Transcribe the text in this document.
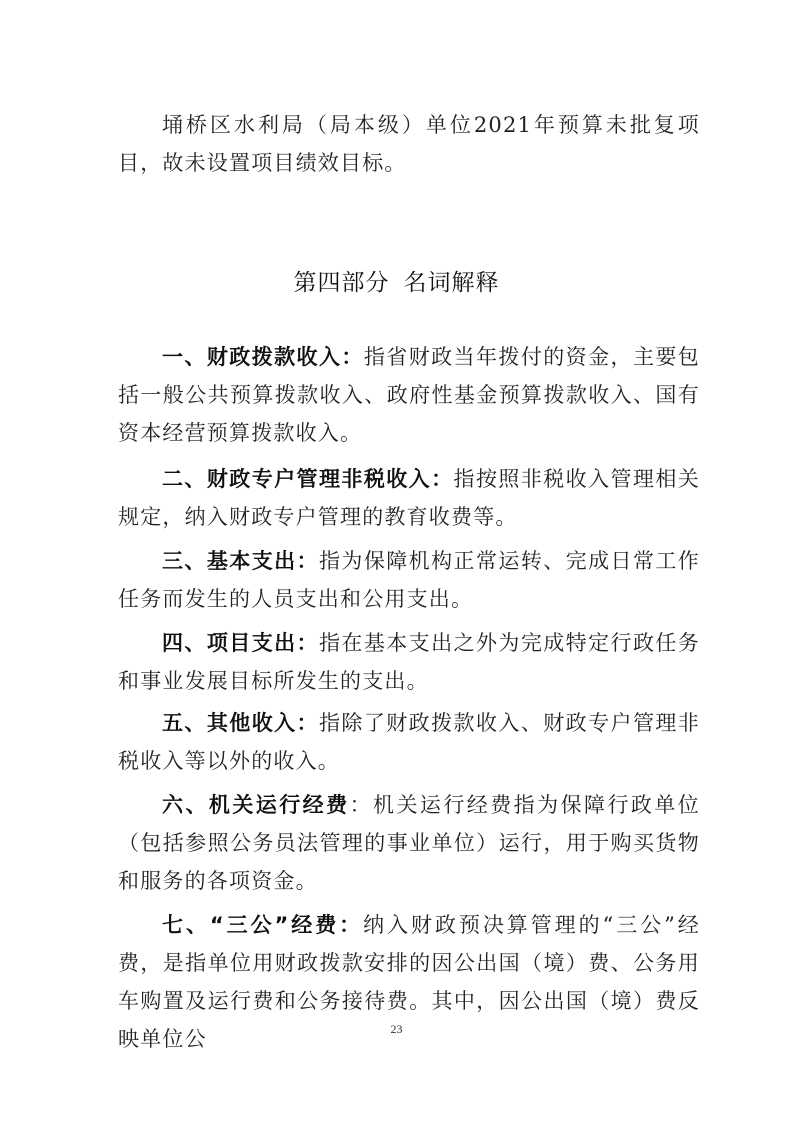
埇桥区水利局（局本级）单位2021年预算未批复项目，故未设置项目绩效目标。

第四部分 名词解释

一、财政拨款收入：指省财政当年拨付的资金，主要包括一般公共预算拨款收入、政府性基金预算拨款收入、国有资本经营预算拨款收入。

二、财政专户管理非税收入：指按照非税收入管理相关规定，纳入财政专户管理的教育收费等。

三、基本支出：指为保障机构正常运转、完成日常工作任务而发生的人员支出和公用支出。

四、项目支出：指在基本支出之外为完成特定行政任务和事业发展目标所发生的支出。

五、其他收入：指除了财政拨款收入、财政专户管理非税收入等以外的收入。

六、机关运行经费：机关运行经费指为保障行政单位（包括参照公务员法管理的事业单位）运行，用于购买货物和服务的各项资金。

七、“三公”经费：纳入财政预决算管理的“三公”经费，是指单位用财政拨款安排的因公出国（境）费、公务用车购置及运行费和公务接待费。其中，因公出国（境）费反映单位公	23
